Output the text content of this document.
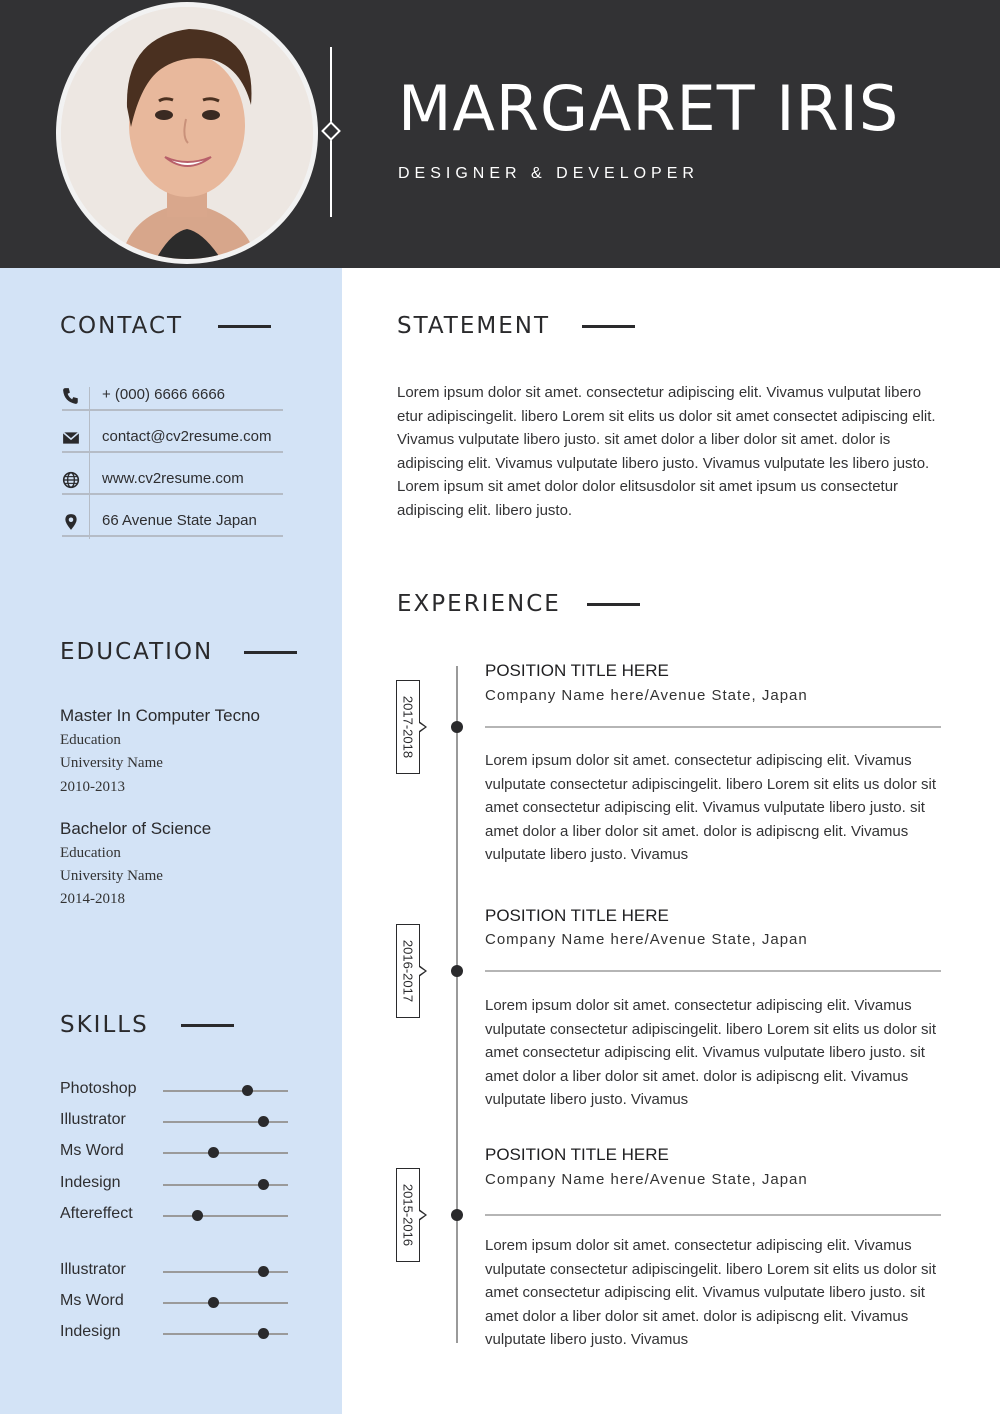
MARGARET IRIS
DESIGNER & DEVELOPER
CONTACT
+ (000) 6666 6666
contact@cv2resume.com
www.cv2resume.com
66 Avenue State Japan
EDUCATION
Master In Computer Tecno
Education
University Name
2010-2013
Bachelor of Science
Education
University Name
2014-2018
SKILLS
Photoshop
Illustrator
Ms Word
Indesign
Aftereffect
Illustrator
Ms Word
Indesign
STATEMENT
Lorem ipsum dolor sit amet. consectetur adipiscing elit. Vivamus vulputat libero etur adipiscingelit. libero Lorem sit elits us dolor sit amet consectet adipiscing elit. Vivamus vulputate libero justo. sit amet dolor a liber dolor sit amet. dolor is adipiscing elit. Vivamus vulputate libero justo. Vivamus vulputate les libero justo. Lorem ipsum sit amet dolor dolor elitsusdolor sit amet ipsum us consectetur adipiscing elit. libero justo.
EXPERIENCE
2017-2018
POSITION TITLE HERE
Company Name here/Avenue State, Japan
Lorem ipsum dolor sit amet. consectetur adipiscing elit. Vivamus vulputate consectetur adipiscingelit. libero Lorem sit elits us dolor sit amet consectetur adipiscing elit. Vivamus vulputate libero justo. sit amet dolor a liber dolor sit amet. dolor is adipiscng elit. Vivamus vulputate libero justo. Vivamus
2016-2017
POSITION TITLE HERE
Company Name here/Avenue State, Japan
Lorem ipsum dolor sit amet. consectetur adipiscing elit. Vivamus vulputate consectetur adipiscingelit. libero Lorem sit elits us dolor sit amet consectetur adipiscing elit. Vivamus vulputate libero justo. sit amet dolor a liber dolor sit amet. dolor is adipiscng elit. Vivamus vulputate libero justo. Vivamus
2015-2016
POSITION TITLE HERE
Company Name here/Avenue State, Japan
Lorem ipsum dolor sit amet. consectetur adipiscing elit. Vivamus vulputate consectetur adipiscingelit. libero Lorem sit elits us dolor sit amet consectetur adipiscing elit. Vivamus vulputate libero justo. sit amet dolor a liber dolor sit amet. dolor is adipiscng elit. Vivamus vulputate libero justo. Vivamus
